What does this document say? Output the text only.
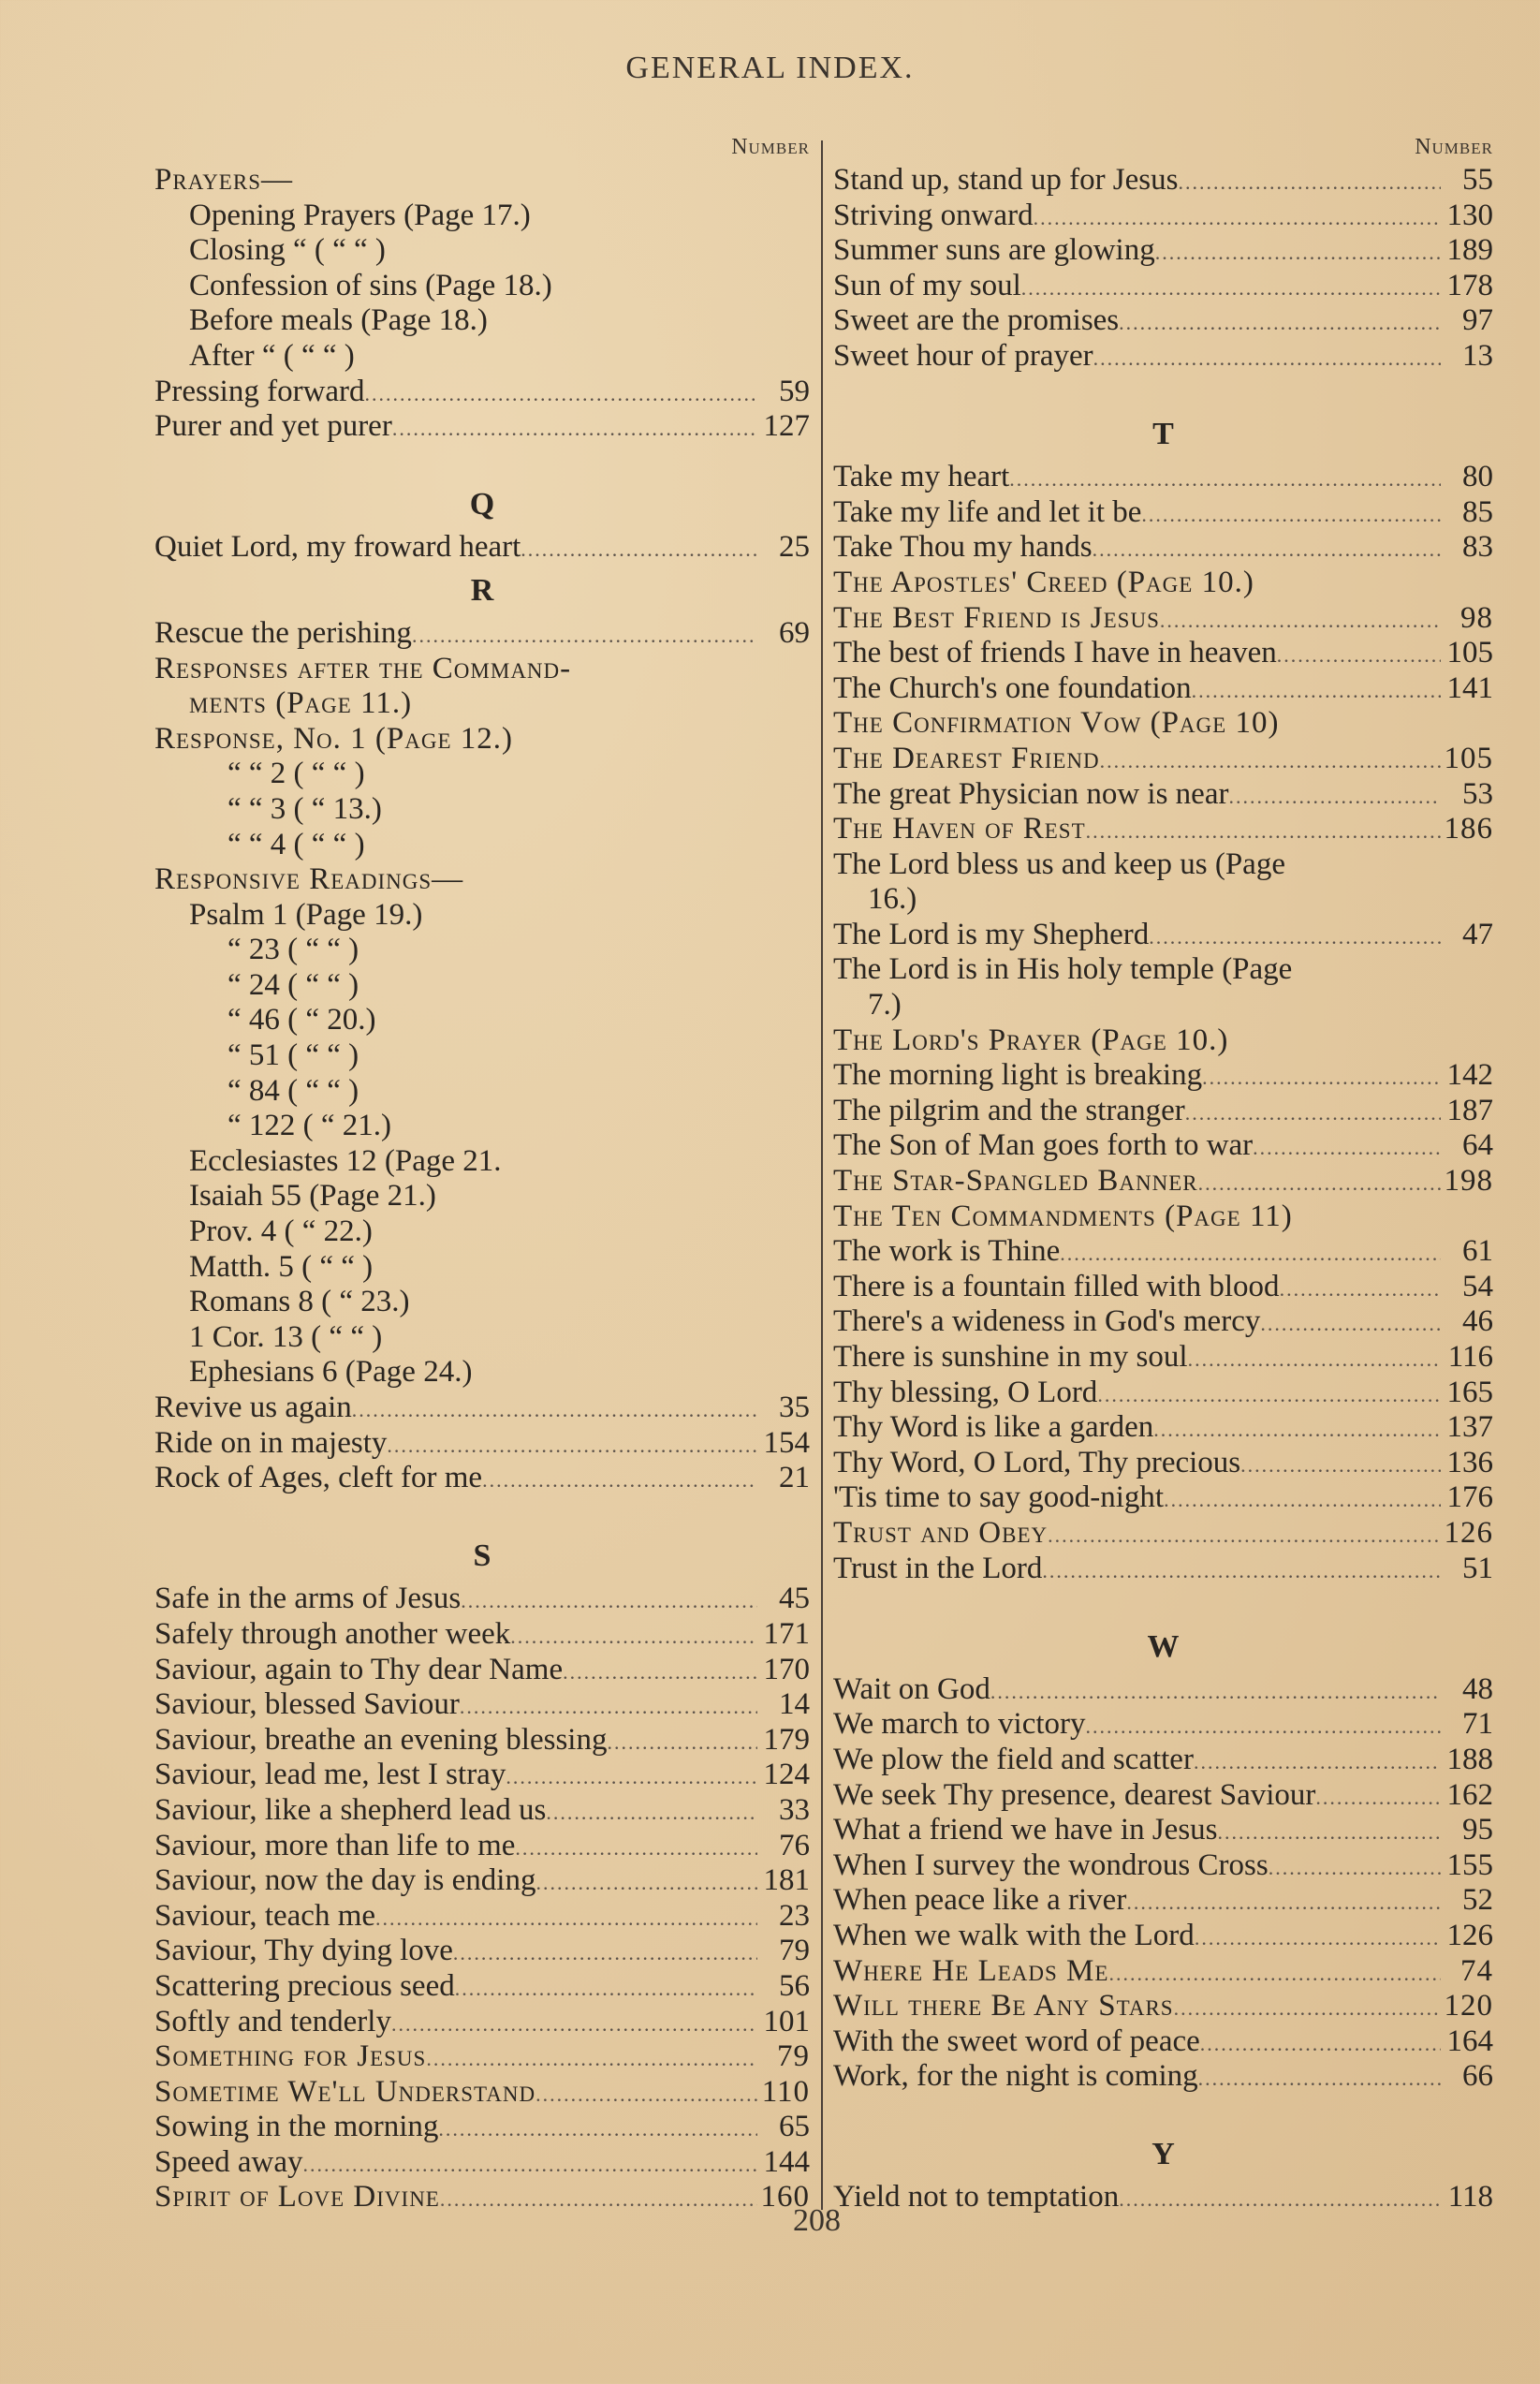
GENERAL INDEX.
Number
Prayers—
Opening Prayers (Page 17.)
Closing “ ( “ “ )
Confession of sins (Page 18.)
Before meals (Page 18.)
After “ ( “ “ )
Pressing forward .....	59
Purer and yet purer .....	127
Q
Quiet Lord, my froward heart .....	25
R
Rescue the perishing .....	69
Responses after the Command-
ments (Page 11.)
Response, No. 1 (Page 12.)
“ “ 2 ( “ “ )
“ “ 3 ( “ 13.)
“ “ 4 ( “ “ )
Responsive Readings—
Psalm 1 (Page 19.)
“ 23 ( “ “ )
“ 24 ( “ “ )
“ 46 ( “ 20.)
“ 51 ( “ “ )
“ 84 ( “ “ )
“ 122 ( “ 21.)
Ecclesiastes 12 (Page 21.
Isaiah 55 (Page 21.)
Prov. 4 ( “ 22.)
Matth. 5 ( “ “ )
Romans 8 ( “ 23.)
1 Cor. 13 ( “ “ )
Ephesians 6 (Page 24.)
Revive us again .....	35
Ride on in majesty .....	154
Rock of Ages, cleft for me .....	21
S
Safe in the arms of Jesus .....	45
Safely through another week .....	171
Saviour, again to Thy dear Name .....	170
Saviour, blessed Saviour .....	14
Saviour, breathe an evening blessing .....	179
Saviour, lead me, lest I stray .....	124
Saviour, like a shepherd lead us .....	33
Saviour, more than life to me .....	76
Saviour, now the day is ending .....	181
Saviour, teach me .....	23
Saviour, Thy dying love .....	79
Scattering precious seed .....	56
Softly and tenderly .....	101
Something for Jesus .....	79
Sometime We'll Understand .....	110
Sowing in the morning .....	65
Speed away .....	144
Spirit of Love Divine .....	160
Number
Stand up, stand up for Jesus .....	55
Striving onward .....	130
Summer suns are glowing .....	189
Sun of my soul .....	178
Sweet are the promises .....	97
Sweet hour of prayer .....	13
T
Take my heart .....	80
Take my life and let it be .....	85
Take Thou my hands .....	83
The Apostles' Creed (Page 10.)
The Best Friend is Jesus .....	98
The best of friends I have in heaven .....	105
The Church's one foundation .....	141
The Confirmation Vow (Page 10)
The Dearest Friend .....	105
The great Physician now is near .....	53
The Haven of Rest .....	186
The Lord bless us and keep us (Page
16.)
The Lord is my Shepherd .....	47
The Lord is in His holy temple (Page
7.)
The Lord's Prayer (Page 10.)
The morning light is breaking .....	142
The pilgrim and the stranger .....	187
The Son of Man goes forth to war .....	64
The Star-Spangled Banner .....	198
The Ten Commandments (Page 11)
The work is Thine .....	61
There is a fountain filled with blood .....	54
There's a wideness in God's mercy .....	46
There is sunshine in my soul .....	116
Thy blessing, O Lord .....	165
Thy Word is like a garden .....	137
Thy Word, O Lord, Thy precious .....	136
'Tis time to say good-night .....	176
Trust and Obey .....	126
Trust in the Lord .....	51
W
Wait on God .....	48
We march to victory .....	71
We plow the field and scatter .....	188
We seek Thy presence, dearest Saviour .....	162
What a friend we have in Jesus .....	95
When I survey the wondrous Cross .....	155
When peace like a river .....	52
When we walk with the Lord .....	126
Where He Leads Me .....	74
Will there Be Any Stars .....	120
With the sweet word of peace .....	164
Work, for the night is coming .....	66
Y
Yield not to temptation .....	118
208
